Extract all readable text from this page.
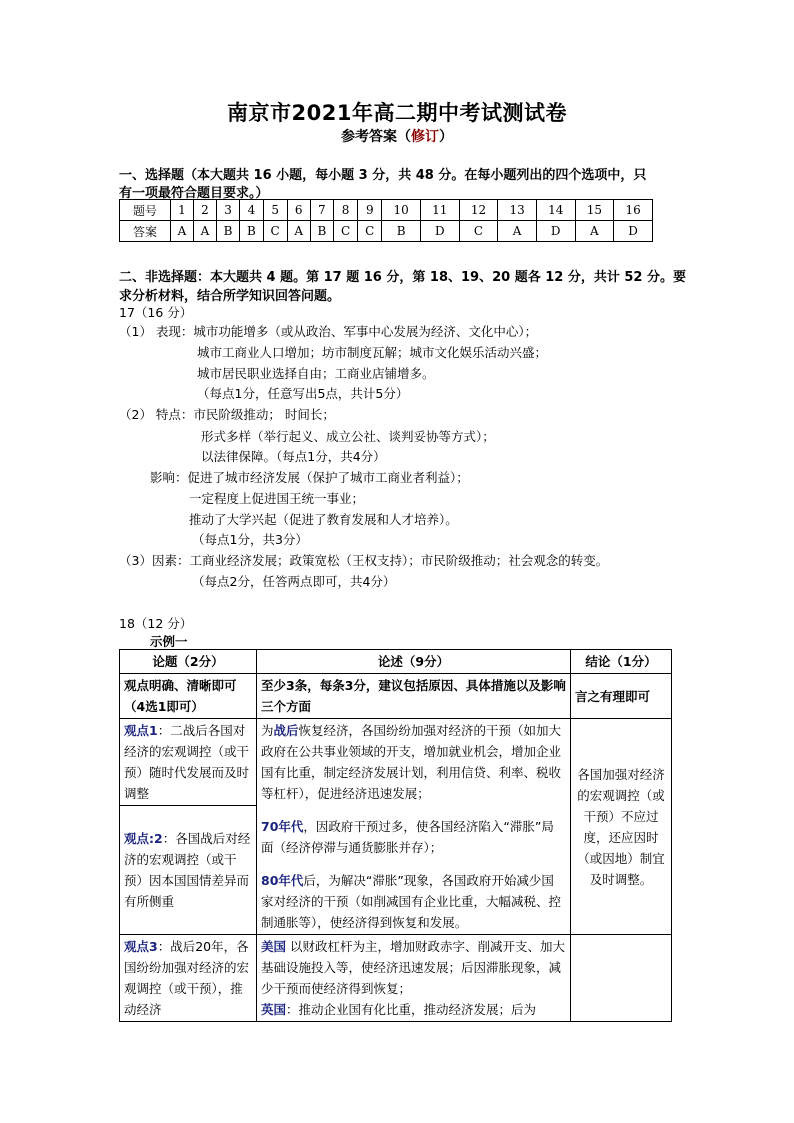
南京市2021年高二期中考试测试卷
参考答案（修订）
一、选择题（本大题共 16 小题，每小题 3 分，共 48 分。在每小题列出的四个选项中，只
有一项最符合题目要求。）
题号	1	2	3	4	5	6	7	8	9	10	11	12	13	14	15	16
答案	A	A	B	B	C	A	B	C	C	B	D	C	A	D	A	D
二、非选择题：本大题共 4 题。第 17 题 16 分，第 18、19、20 题各 12 分，共计 52 分。要
求分析材料，结合所学知识回答问题。
17（16 分）
（1） 表现：城市功能增多（或从政治、军事中心发展为经济、文化中心）；
城市工商业人口增加；坊市制度瓦解；城市文化娱乐活动兴盛；
城市居民职业选择自由；工商业店铺增多。
（每点1分，任意写出5点，共计5分）
（2） 特点：市民阶级推动； 时间长；
形式多样（举行起义、成立公社、谈判妥协等方式）；
以法律保障。（每点1分，共4分）
影响：促进了城市经济发展（保护了城市工商业者利益）；
一定程度上促进国王统一事业；
推动了大学兴起（促进了教育发展和人才培养）。
（每点1分，共3分）
（3）因素：工商业经济发展；政策宽松（王权支持）；市民阶级推动；社会观念的转变。
（每点2分，任答两点即可，共4分）
18（12 分）
示例一
论题（2分）	论述（9分）	结论（1分）
观点明确、清晰即可（4选1即可）	至少3条，每条3分，建议包括原因、具体措施以及影响三个方面	言之有理即可
观点1：二战后各国对经济的宏观调控（或干预）随时代发展而及时调整	为战后恢复经济，各国纷纷加强对经济的干预（如加大政府在公共事业领域的开支，增加就业机会，增加企业国有比重，制定经济发展计划，利用信贷、利率、税收等杠杆），促进经济迅速发展；
70年代，因政府干预过多，使各国经济陷入“滞胀”局面（经济停滞与通货膨胀并存）；
80年代后，为解决“滞胀”现象，各国政府开始减少国家对经济的干预（如削减国有企业比重，大幅减税、控制通胀等），使经济得到恢复和发展。	各国加强对经济的宏观调控（或干预）不应过度，还应因时（或因地）制宜及时调整。
观点:2：各国战后对经济的宏观调控（或干预）因本国国情差异而有所侧重		
观点3：战后20年，各国纷纷加强对经济的宏观调控（或干预），推动经济	美国 以财政杠杆为主，增加财政赤字、削减开支、加大基础设施投入等，使经济迅速发展；后因滞胀现象，减少干预而使经济得到恢复；
英国：推动企业国有化比重，推动经济发展；后为	
